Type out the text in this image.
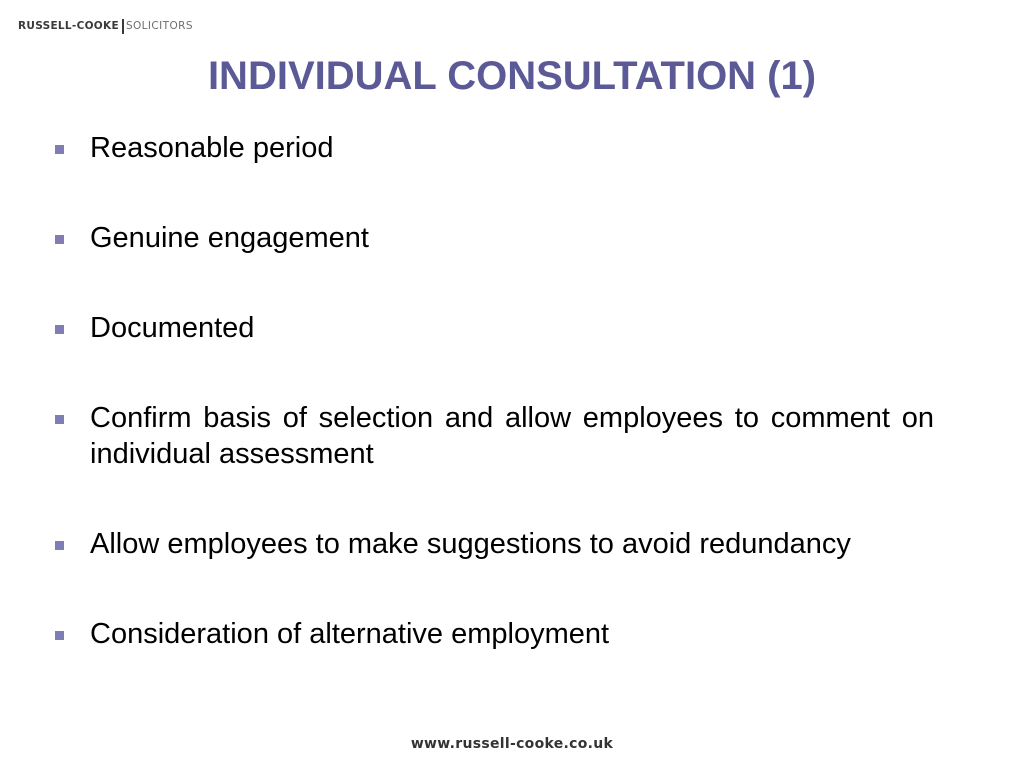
RUSSELL-COOKE SOLICITORS
INDIVIDUAL CONSULTATION (1)
Reasonable period
Genuine engagement
Documented
Confirm basis of selection and allow employees to comment on individual assessment
Allow employees to make suggestions to avoid redundancy
Consideration of alternative employment
www.russell-cooke.co.uk
